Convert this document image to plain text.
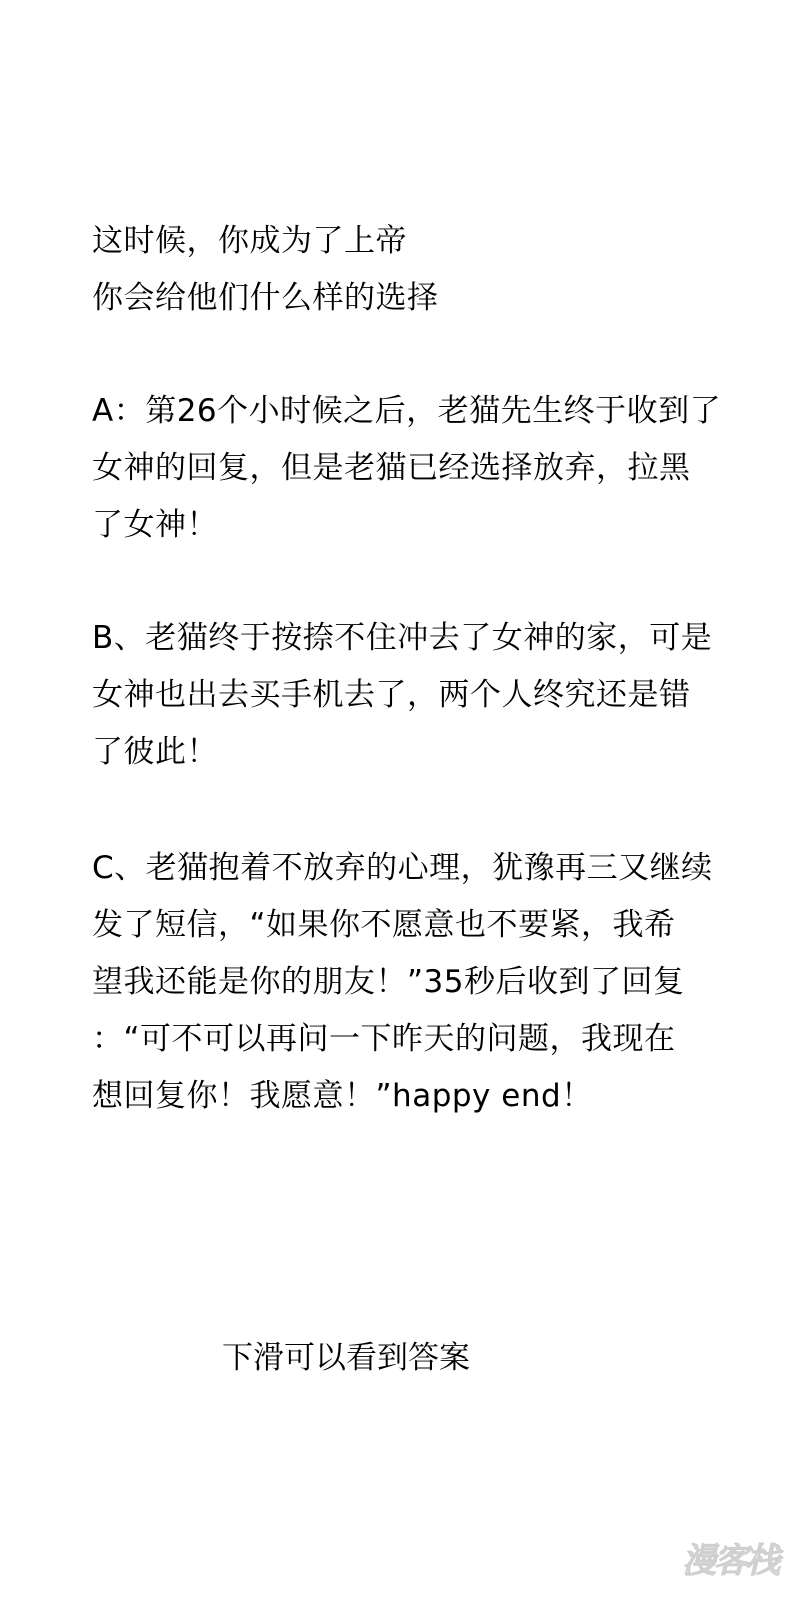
这时候，你成为了上帝
你会给他们什么样的选择
A：第26个小时候之后，老猫先生终于收到了
女神的回复，但是老猫已经选择放弃，拉黑
了女神！
B、老猫终于按捺不住冲去了女神的家，可是
女神也出去买手机去了，两个人终究还是错
了彼此！
C、老猫抱着不放弃的心理，犹豫再三又继续
发了短信，“如果你不愿意也不要紧，我希
望我还能是你的朋友！”35秒后收到了回复
：“可不可以再问一下昨天的问题，我现在
想回复你！我愿意！”happy end！
下滑可以看到答案
漫客栈
